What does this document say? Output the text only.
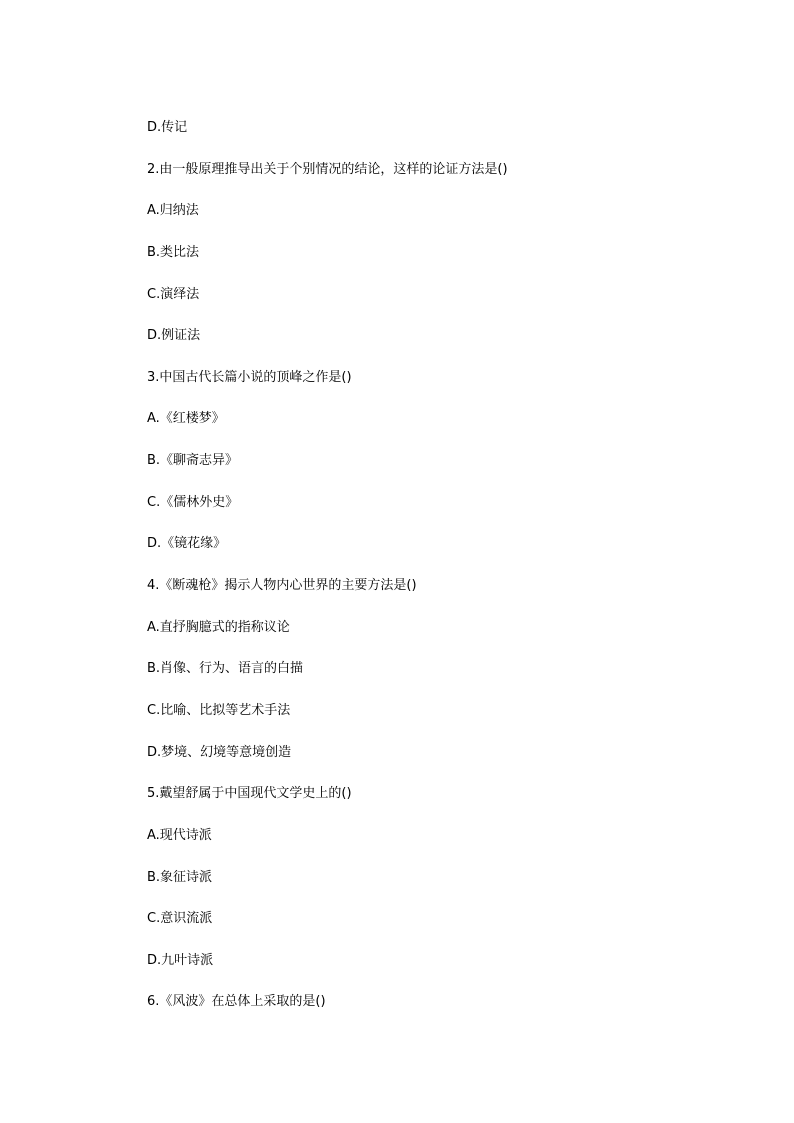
D.传记
2.由一般原理推导出关于个别情况的结论，这样的论证方法是()
A.归纳法
B.类比法
C.演绎法
D.例证法
3.中国古代长篇小说的顶峰之作是()
A.《红楼梦》
B.《聊斋志异》
C.《儒林外史》
D.《镜花缘》
4.《断魂枪》揭示人物内心世界的主要方法是()
A.直抒胸臆式的指称议论
B.肖像、行为、语言的白描
C.比喻、比拟等艺术手法
D.梦境、幻境等意境创造
5.戴望舒属于中国现代文学史上的()
A.现代诗派
B.象征诗派
C.意识流派
D.九叶诗派
6.《风波》在总体上采取的是()
